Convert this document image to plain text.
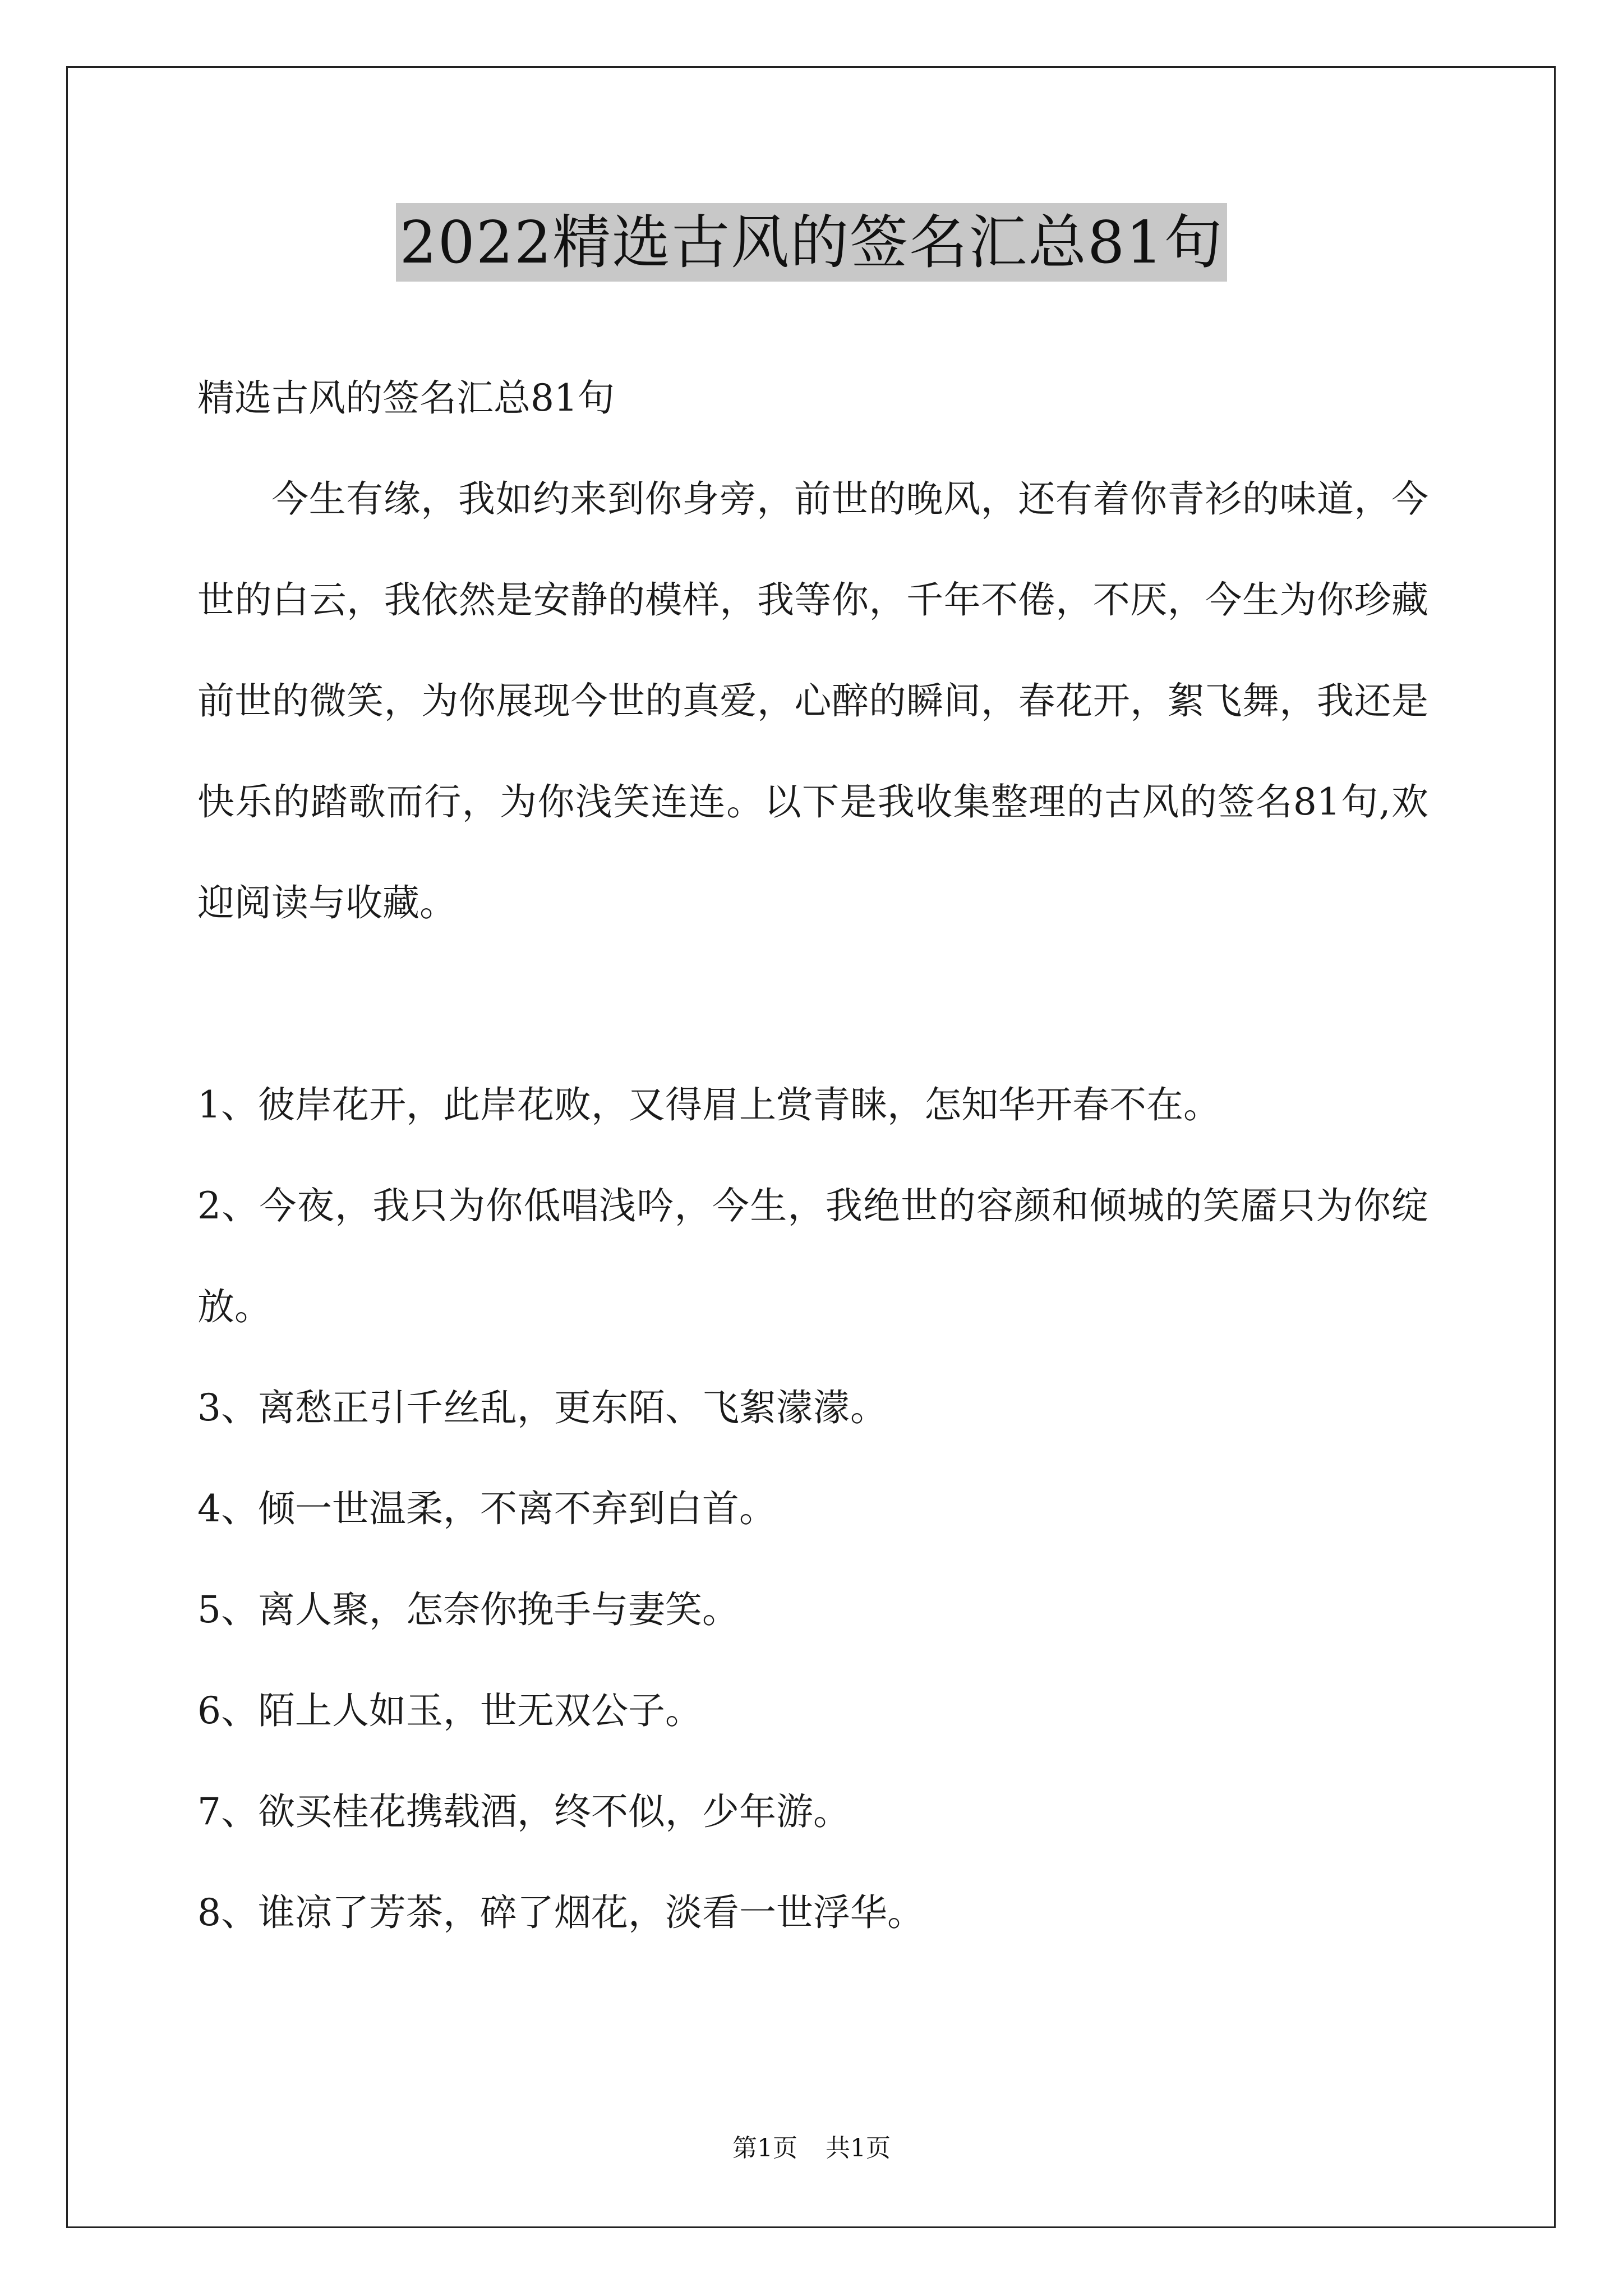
2022精选古风的签名汇总81句

精选古风的签名汇总81句

今生有缘，我如约来到你身旁，前世的晚风，还有着你青衫的味道，今世的白云，我依然是安静的模样，我等你，千年不倦，不厌，今生为你珍藏前世的微笑，为你展现今世的真爱，心醉的瞬间，春花开，絮飞舞，我还是快乐的踏歌而行，为你浅笑连连。以下是我收集整理的古风的签名81句,欢迎阅读与收藏。

1、彼岸花开，此岸花败，又得眉上赏青睐，怎知华开春不在。

2、今夜，我只为你低唱浅吟，今生，我绝世的容颜和倾城的笑靥只为你绽放。

3、离愁正引千丝乱，更东陌、飞絮濛濛。

4、倾一世温柔，不离不弃到白首。

5、离人聚，怎奈你挽手与妻笑。

6、陌上人如玉，世无双公子。

7、欲买桂花携载酒，终不似，少年游。

8、谁凉了芳茶，碎了烟花，淡看一世浮华。

第1页 共1页
